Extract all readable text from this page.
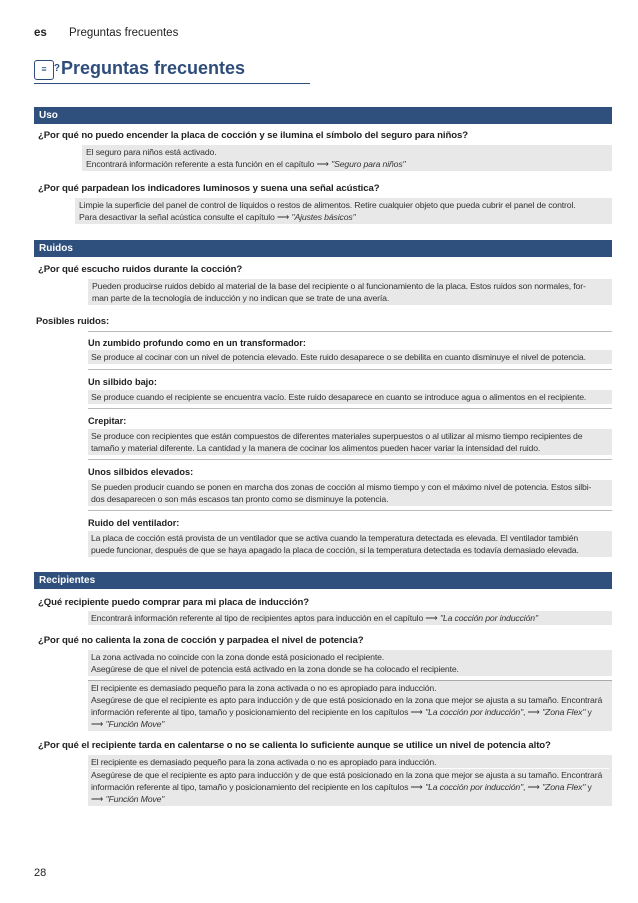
es Preguntas frecuentes
≡ ? Preguntas frecuentes
Uso
¿Por qué no puedo encender la placa de cocción y se ilumina el símbolo del seguro para niños?
El seguro para niños está activado.
Encontrará información referente a esta función en el capítulo ⟶ "Seguro para niños"
¿Por qué parpadean los indicadores luminosos y suena una señal acústica?
Limpie la superficie del panel de control de líquidos o restos de alimentos. Retire cualquier objeto que pueda cubrir el panel de control.
Para desactivar la señal acústica consulte el capítulo ⟶ "Ajustes básicos"
Ruidos
¿Por qué escucho ruidos durante la cocción?
Pueden producirse ruidos debido al material de la base del recipiente o al funcionamiento de la placa. Estos ruidos son normales, for-
man parte de la tecnología de inducción y no indican que se trate de una avería.
Posibles ruidos:
Un zumbido profundo como en un transformador:
Se produce al cocinar con un nivel de potencia elevado. Este ruido desaparece o se debilita en cuanto disminuye el nivel de potencia.
Un silbido bajo:
Se produce cuando el recipiente se encuentra vacío. Este ruido desaparece en cuanto se introduce agua o alimentos en el recipiente.
Crepitar:
Se produce con recipientes que están compuestos de diferentes materiales superpuestos o al utilizar al mismo tiempo recipientes de
tamaño y material diferente. La cantidad y la manera de cocinar los alimentos pueden hacer variar la intensidad del ruido.
Unos silbidos elevados:
Se pueden producir cuando se ponen en marcha dos zonas de cocción al mismo tiempo y con el máximo nivel de potencia. Estos silbi-
dos desaparecen o son más escasos tan pronto como se disminuye la potencia.
Ruido del ventilador:
La placa de cocción está provista de un ventilador que se activa cuando la temperatura detectada es elevada. El ventilador también
puede funcionar, después de que se haya apagado la placa de cocción, si la temperatura detectada es todavía demasiado elevada.
Recipientes
¿Qué recipiente puedo comprar para mi placa de inducción?
Encontrará información referente al tipo de recipientes aptos para inducción en el capítulo ⟶ "La cocción por inducción"
¿Por qué no calienta la zona de cocción y parpadea el nivel de potencia?
La zona activada no coincide con la zona donde está posicionado el recipiente.
Asegúrese de que el nivel de potencia está activado en la zona donde se ha colocado el recipiente.
El recipiente es demasiado pequeño para la zona activada o no es apropiado para inducción.
Asegúrese de que el recipiente es apto para inducción y de que está posicionado en la zona que mejor se ajusta a su tamaño. Encontrará
información referente al tipo, tamaño y posicionamiento del recipiente en los capítulos ⟶ "La cocción por inducción", ⟶ "Zona Flex" y
⟶ "Función Move"
¿Por qué el recipiente tarda en calentarse o no se calienta lo suficiente aunque se utilice un nivel de potencia alto?
El recipiente es demasiado pequeño para la zona activada o no es apropiado para inducción.
Asegúrese de que el recipiente es apto para inducción y de que está posicionado en la zona que mejor se ajusta a su tamaño. Encontrará
información referente al tipo, tamaño y posicionamiento del recipiente en los capítulos ⟶ "La cocción por inducción", ⟶ "Zona Flex" y
⟶ "Función Move"
28
